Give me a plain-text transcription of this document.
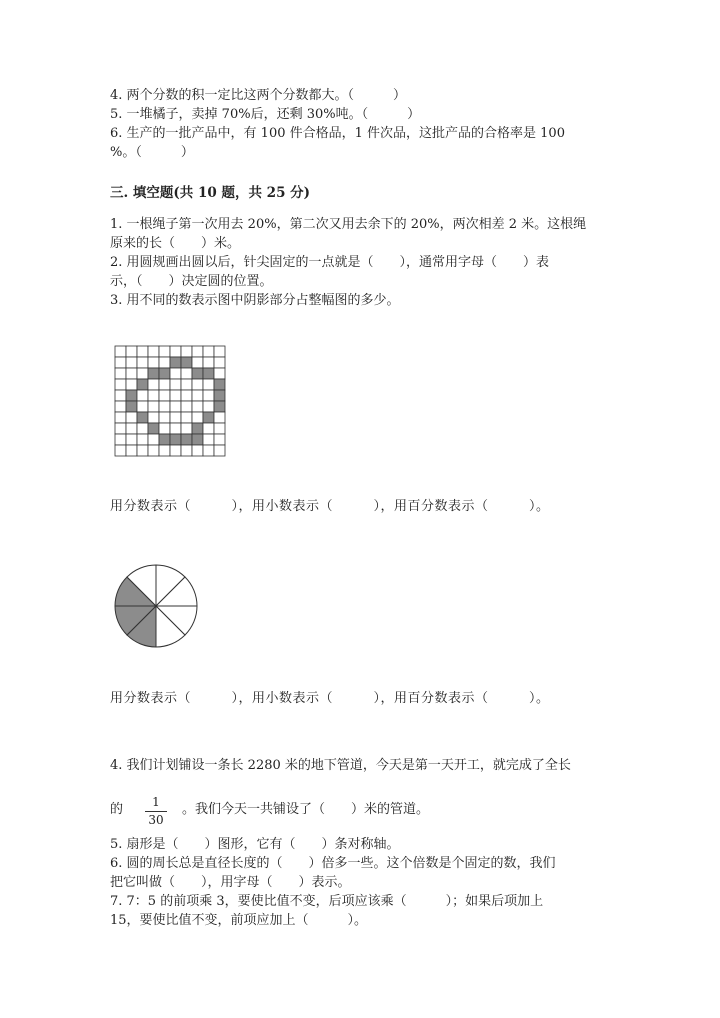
4. 两个分数的积一定比这两个分数都大。（　　　）
5. 一堆橘子，卖掉 70%后，还剩 30%吨。（　　　）
6. 生产的一批产品中，有 100 件合格品，1 件次品，这批产品的合格率是 100
%。（　　　）
三. 填空题(共 10 题，共 25 分)
1. 一根绳子第一次用去 20%，第二次又用去余下的 20%，两次相差 2 米。这根绳
原来的长（　　）米。
2. 用圆规画出圆以后，针尖固定的一点就是（　　），通常用字母（　　）表
示，（　　）决定圆的位置。
3. 用不同的数表示图中阴影部分占整幅图的多少。
用分数表示（　　　），用小数表示（　　　），用百分数表示（　　　）。
用分数表示（　　　），用小数表示（　　　），用百分数表示（　　　）。
4. 我们计划铺设一条长 2280 米的地下管道，今天是第一天开工，就完成了全长
的	1
30
。我们今天一共铺设了（　　）米的管道。
5. 扇形是（　　）图形，它有（　　）条对称轴。
6. 圆的周长总是直径长度的（　　）倍多一些。这个倍数是个固定的数，我们
把它叫做（　　），用字母（　　）表示。
7. 7：5 的前项乘 3，要使比值不变，后项应该乘（　　　）；如果后项加上
15，要使比值不变，前项应加上（　　　）。
